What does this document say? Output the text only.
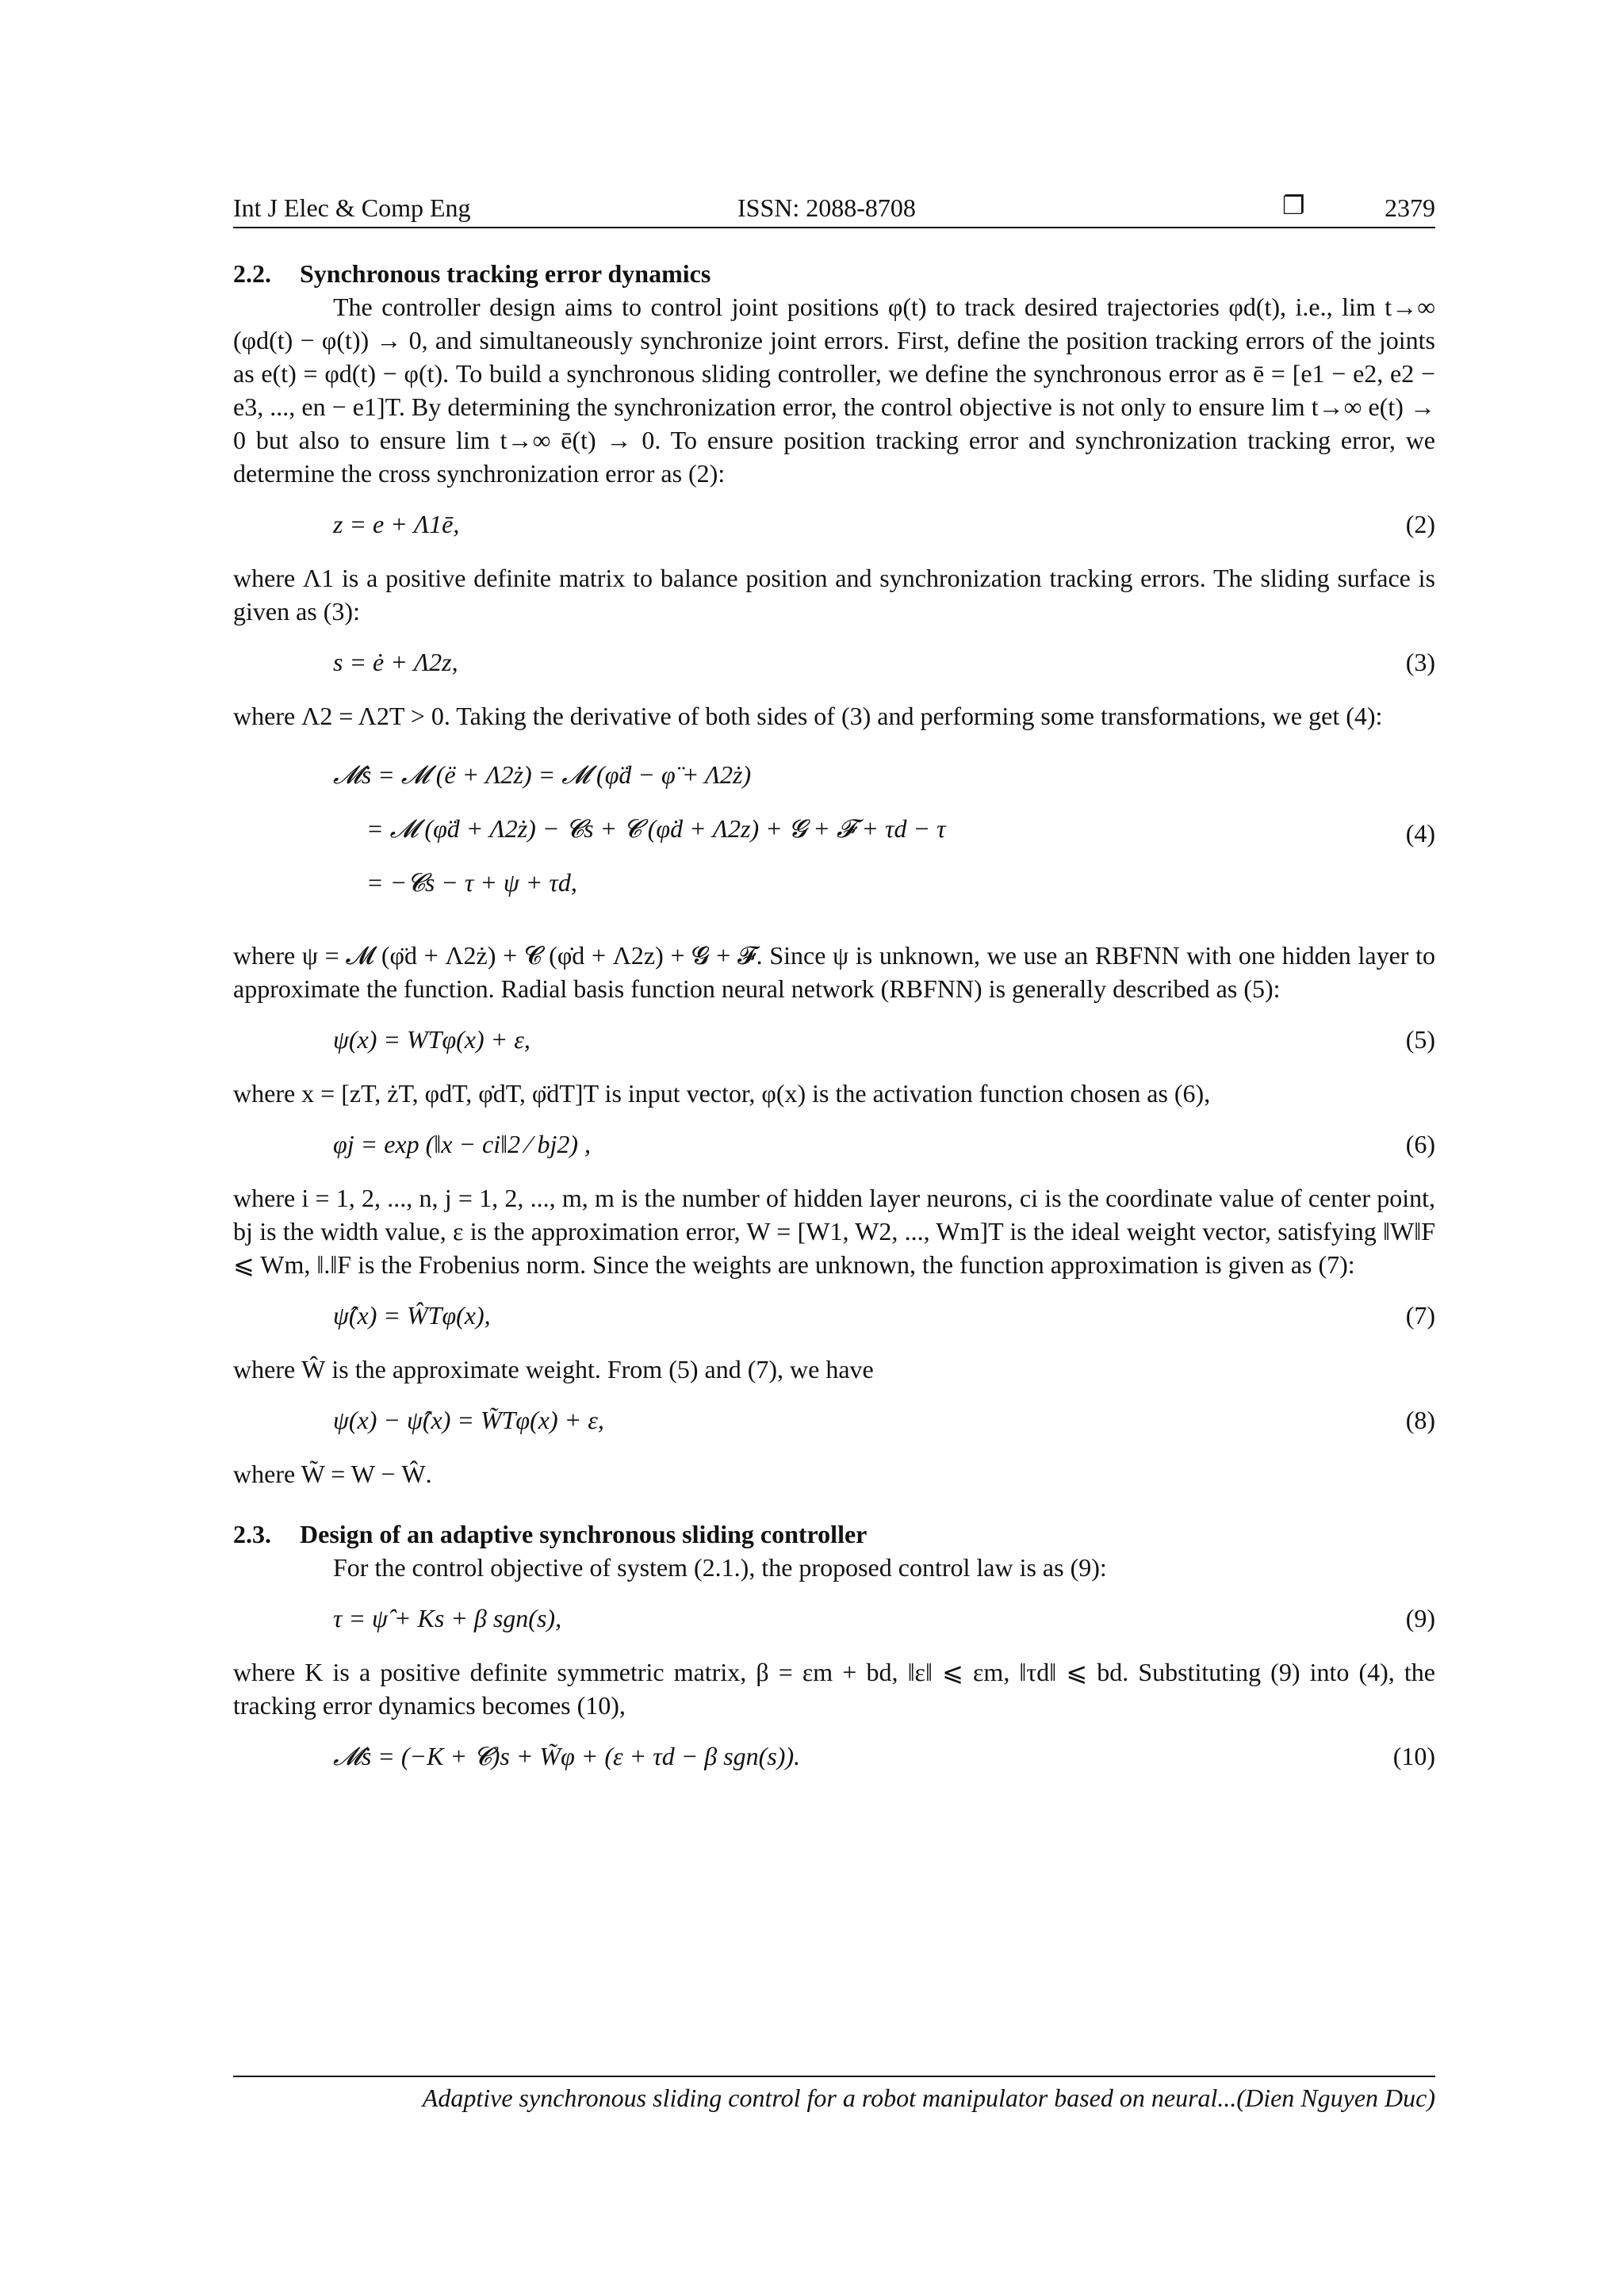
Int J Elec & Comp Eng	ISSN: 2088-8708	❐	2379
2.2. Synchronous tracking error dynamics

The controller design aims to control joint positions φ(t) to track desired trajectories φd(t), i.e., lim t→∞ (φd(t) − φ(t)) → 0, and simultaneously synchronize joint errors. First, define the position tracking errors of the joints as e(t) = φd(t) − φ(t). To build a synchronous sliding controller, we define the synchronous error as ē = [e1 − e2, e2 − e3, ..., en − e1]T. By determining the synchronization error, the control objective is not only to ensure lim t→∞ e(t) → 0 but also to ensure lim t→∞ ē(t) → 0. To ensure position tracking error and synchronization tracking error, we determine the cross synchronization error as (2):

z = e + Λ1ē,	(2)

where Λ1 is a positive definite matrix to balance position and synchronization tracking errors. The sliding surface is given as (3):

s = ė + Λ2z,	(3)

where Λ2 = Λ2T > 0. Taking the derivative of both sides of (3) and performing some transformations, we get (4):

𝓜ṡ = 𝓜 (ë + Λ2ż) = 𝓜 (φ̈d − φ̈ + Λ2ż)
= 𝓜 (φ̈d + Λ2ż) − 𝓒s + 𝓒 (φ̇d + Λ2z) + 𝓖 + 𝓕 + τd − τ
= −𝓒s − τ + ψ + τd,
(4)

where ψ = 𝓜 (φ̈d + Λ2ż) + 𝓒 (φ̇d + Λ2z) + 𝓖 + 𝓕. Since ψ is unknown, we use an RBFNN with one hidden layer to approximate the function. Radial basis function neural network (RBFNN) is generally described as (5):

ψ(x) = WTφ(x) + ε,	(5)

where x = [zT, żT, φdT, φ̇dT, φ̈dT]T is input vector, φ(x) is the activation function chosen as (6),

φj = exp (‖x − ci‖2 ⁄ bj2) ,	(6)

where i = 1, 2, ..., n, j = 1, 2, ..., m, m is the number of hidden layer neurons, ci is the coordinate value of center point, bj is the width value, ε is the approximation error, W = [W1, W2, ..., Wm]T is the ideal weight vector, satisfying ‖W‖F ⩽ Wm, ‖.‖F is the Frobenius norm. Since the weights are unknown, the function approximation is given as (7):

ψ̂(x) = ŴTφ(x),	(7)

where Ŵ is the approximate weight. From (5) and (7), we have

ψ(x) − ψ̂(x) = W̃Tφ(x) + ε,	(8)

where W̃ = W − Ŵ.

2.3. Design of an adaptive synchronous sliding controller

For the control objective of system (2.1.), the proposed control law is as (9):

τ = ψ̂ + Ks + β sgn(s),	(9)

where K is a positive definite symmetric matrix, β = εm + bd, ‖ε‖ ⩽ εm, ‖τd‖ ⩽ bd. Substituting (9) into (4), the tracking error dynamics becomes (10),

𝓜ṡ = (−K + 𝓒)s + W̃φ + (ε + τd − β sgn(s)).	(10)
Adaptive synchronous sliding control for a robot manipulator based on neural...(Dien Nguyen Duc)
